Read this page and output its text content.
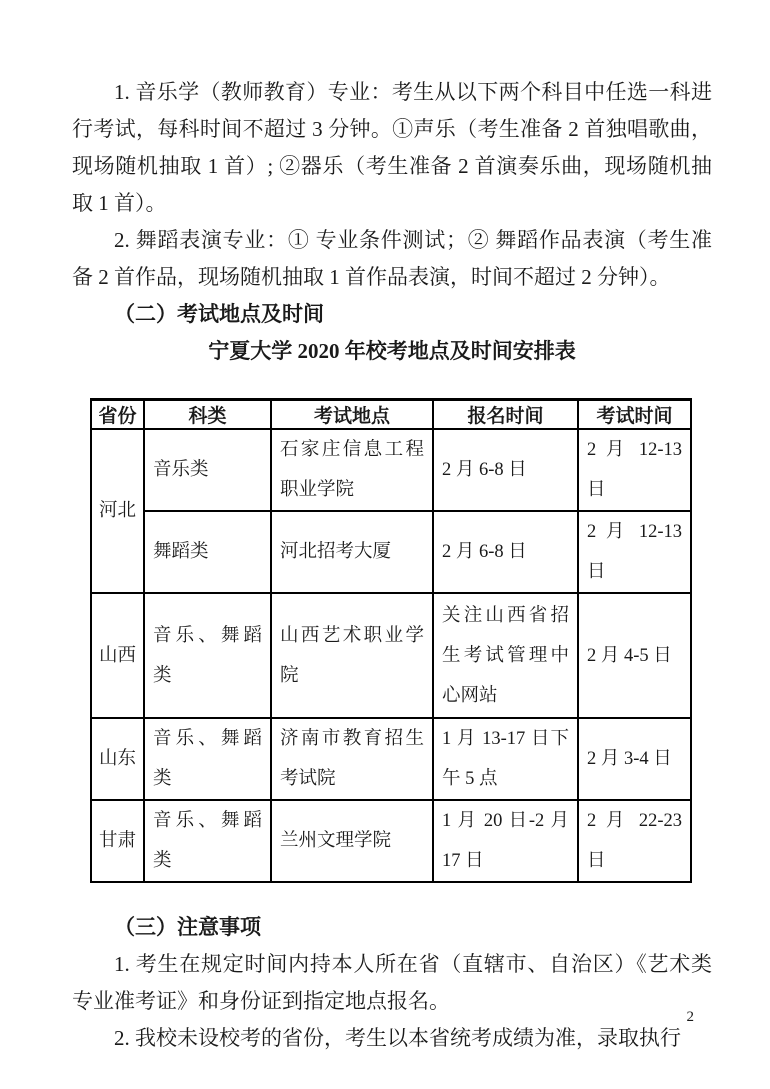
1. 音乐学（教师教育）专业：考生从以下两个科目中任选一科进行考试，每科时间不超过 3 分钟。①声乐（考生准备 2 首独唱歌曲，现场随机抽取 1 首）; ②器乐（考生准备 2 首演奏乐曲，现场随机抽取 1 首）。

2. 舞蹈表演专业：① 专业条件测试；② 舞蹈作品表演（考生准备 2 首作品，现场随机抽取 1 首作品表演，时间不超过 2 分钟）。

（二）考试地点及时间

宁夏大学 2020 年校考地点及时间安排表

省份	科类	考试地点	报名时间	考试时间
河北	音乐类	石家庄信息工程职业学院	2 月 6-8 日	2 月 12-13 日
	舞蹈类	河北招考大厦	2 月 6-8 日	2 月 12-13 日
山西	音乐、舞蹈类	山西艺术职业学院	关注山西省招生考试管理中心网站	2 月 4-5 日
山东	音乐、舞蹈类	济南市教育招生考试院	1 月 13-17 日下午 5 点	2 月 3-4 日
甘肃	音乐、舞蹈类	兰州文理学院	1 月 20 日-2 月 17 日	2 月 22-23 日
（三）注意事项

1. 考生在规定时间内持本人所在省（直辖市、自治区）《艺术类专业准考证》和身份证到指定地点报名。

2. 我校未设校考的省份，考生以本省统考成绩为准，录取执行

2
